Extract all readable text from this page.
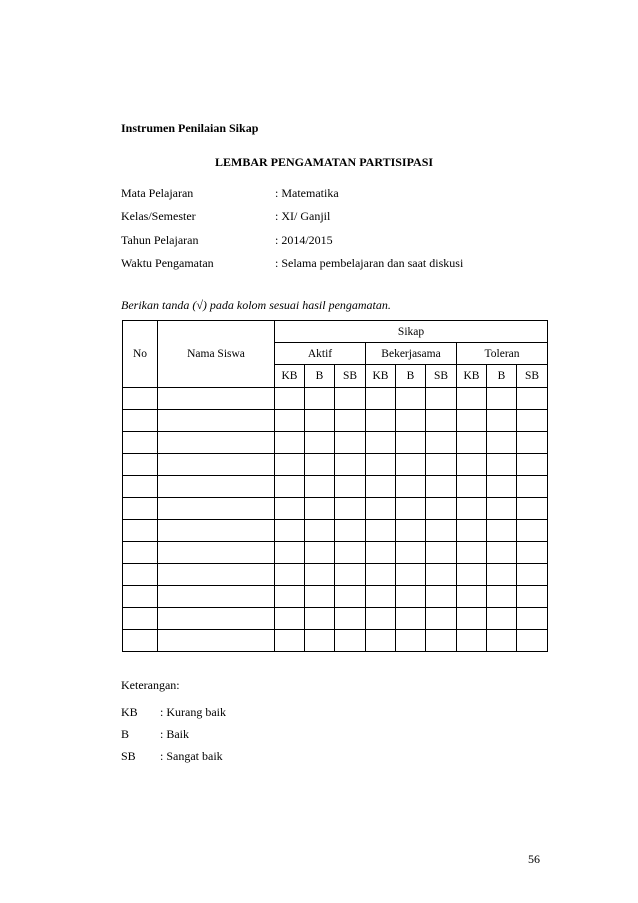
Instrumen Penilaian Sikap
LEMBAR PENGAMATAN PARTISIPASI
Mata Pelajaran	: Matematika
Kelas/Semester	: XI/ Ganjil
Tahun Pelajaran	: 2014/2015
Waktu Pengamatan	: Selama pembelajaran dan saat diskusi
Berikan tanda (√) pada kolom sesuai hasil pengamatan.
No	Nama Siswa	Sikap								
		Aktif			Bekerjasama			Toleran		
		KB	B	SB	KB	B	SB	KB	B	SB

Keterangan:
KB : Kurang baik
B	: Baik
SB : Sangat baik
56
